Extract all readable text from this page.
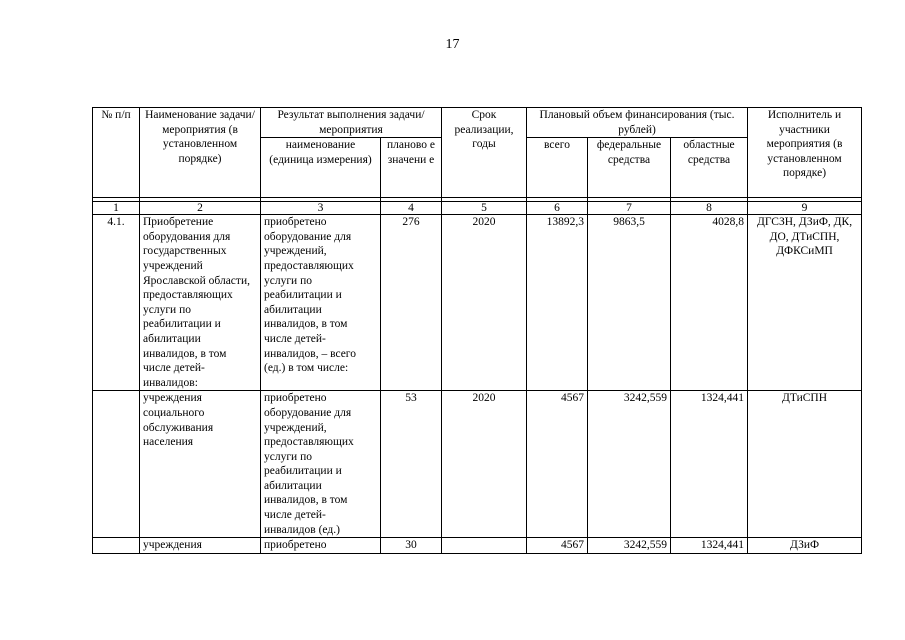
17
№ п/п	Наименование задачи/ мероприятия (в установленном порядке)	Результат выполнения задачи/мероприятия		Срок реализации, годы	Плановый объем финансирования (тыс. рублей)			Исполнитель и участники мероприятия (в установленном порядке)
		наименование (единица измерения)	планово е значени е		всего	федеральные средства	областные средства	

1	2	3	4	5	6	7	8	9
4.1.	Приобретение оборудования для государственных учреждений Ярославской области, предоставляющих услуги по реабилитации и абилитации инвалидов, в том числе детей-инвалидов:	приобретено оборудование для учреждений, предоставляющих услуги по реабилитации и абилитации инвалидов, в том числе детей-инвалидов, – всего (ед.) в том числе:	276	2020	13892,3	9863,5	4028,8	ДГСЗН, ДЗиФ, ДК, ДО, ДТиСПН, ДФКСиМП
	учреждения социального обслуживания населения	приобретено оборудование для учреждений, предоставляющих услуги по реабилитации и абилитации инвалидов, в том числе детей-инвалидов (ед.)	53	2020	4567	3242,559	1324,441	ДТиСПН
	учреждения	приобретено	30		4567	3242,559	1324,441	ДЗиФ
